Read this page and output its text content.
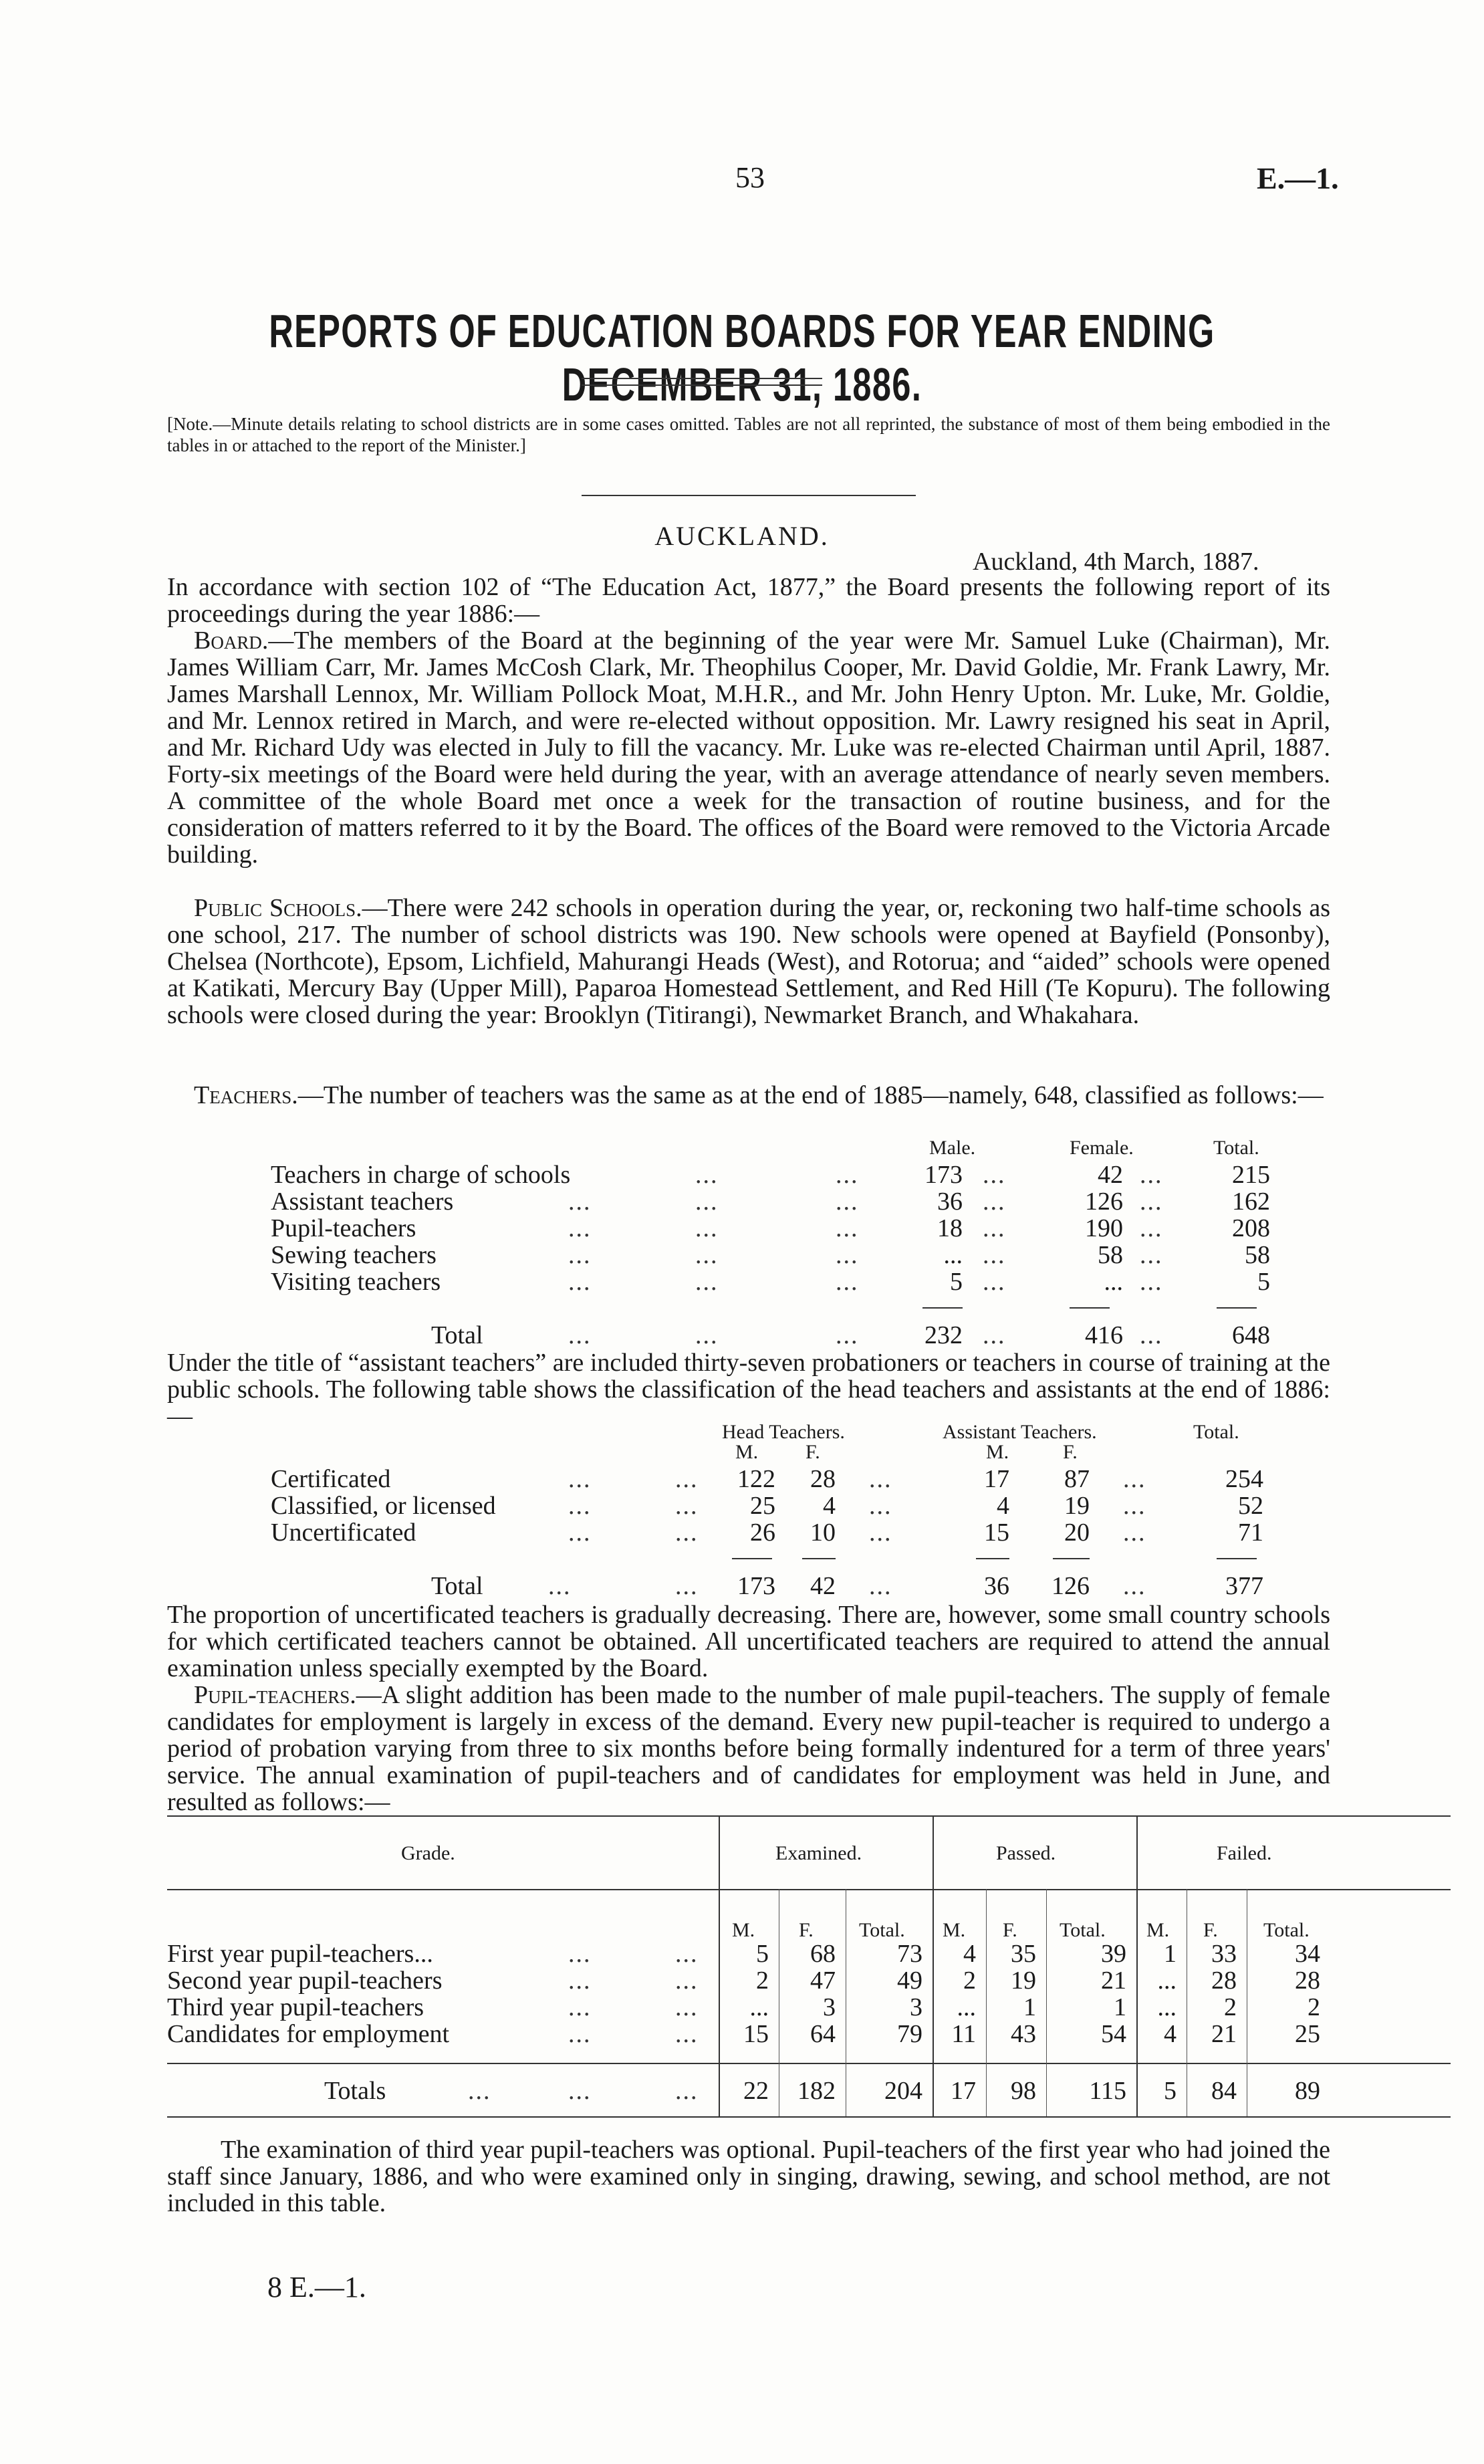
53	E.—1.
REPORTS OF EDUCATION BOARDS FOR YEAR ENDING DECEMBER 31, 1886.
[Note.—Minute details relating to school districts are in some cases omitted. Tables are not all reprinted, the substance of most of them being embodied in the tables in or attached to the report of the Minister.]
AUCKLAND.
Auckland, 4th March, 1887.

In accordance with section 102 of “The Education Act, 1877,” the Board presents the following report of its proceedings during the year 1886:—

Board.—The members of the Board at the beginning of the year were Mr. Samuel Luke (Chairman), Mr. James William Carr, Mr. James McCosh Clark, Mr. Theophilus Cooper, Mr. David Goldie, Mr. Frank Lawry, Mr. James Marshall Lennox, Mr. William Pollock Moat, M.H.R., and Mr. John Henry Upton. Mr. Luke, Mr. Goldie, and Mr. Lennox retired in March, and were re-elected without opposition. Mr. Lawry resigned his seat in April, and Mr. Richard Udy was elected in July to fill the vacancy. Mr. Luke was re-elected Chairman until April, 1887. Forty-six meetings of the Board were held during the year, with an average attendance of nearly seven members. A committee of the whole Board met once a week for the transaction of routine business, and for the consideration of matters referred to it by the Board. The offices of the Board were removed to the Victoria Arcade building.

Public Schools.—There were 242 schools in operation during the year, or, reckoning two half-time schools as one school, 217. The number of school districts was 190. New schools were opened at Bayfield (Ponsonby), Chelsea (Northcote), Epsom, Lichfield, Mahurangi Heads (West), and Rotorua; and “aided” schools were opened at Katikati, Mercury Bay (Upper Mill), Paparoa Homestead Settlement, and Red Hill (Te Kopuru). The following schools were closed during the year: Brooklyn (Titirangi), Newmarket Branch, and Whakahara.

Teachers.—The number of teachers was the same as at the end of 1885—namely, 648, classified as follows:—

Male.	Female.	Total.
Teachers in charge of schools	...	...	173 ...	42 ...	215
Assistant teachers	...	...	...	36 ...	126 ...	162
Pupil-teachers	...	...	...	18 ...	190 ...	208
Sewing teachers	...	...	...	... ...	58 ...	58
Visiting teachers	...	...	...	5 ...	... ...	5
Total	...	...	...	232 ...	416 ...	648

Under the title of “assistant teachers” are included thirty-seven probationers or teachers in course of training at the public schools. The following table shows the classification of the head teachers and assistants at the end of 1886:—

Head Teachers.	Assistant Teachers.	Total.
M. F.	M.	F.
Certificated	...	...	122	28 ...	17	87 ...	254
Classified, or licensed	...	...	25	4 ...	4	19 ...	52
Uncertificated	...	...	26	10 ...	15	20 ...	71
Total	...	...	173	42 ...	36	126 ...	377

The proportion of uncertificated teachers is gradually decreasing. There are, however, some small country schools for which certificated teachers cannot be obtained. All uncertificated teachers are required to attend the annual examination unless specially exempted by the Board.

Pupil-teachers.—A slight addition has been made to the number of male pupil-teachers. The supply of female candidates for employment is largely in excess of the demand. Every new pupil-teacher is required to undergo a period of probation varying from three to six months before being formally indentured for a term of three years' service. The annual examination of pupil-teachers and of candidates for employment was held in June, and resulted as follows:—

Grade.	Examined.	Passed.	Failed.
M. F. Total. M. F. Total. M. F. Total.
First year pupil-teachers...	...	...	5	68	73	4	35	39	1	33	34
Second year pupil-teachers	...	...	2	47	49	2	19	21	...	28	28
Third year pupil-teachers	...	...	...	3	3	...	1	1	...	2	2
Candidates for employment	...	...	15	64	79	11	43	54	4	21	25
Totals	...	...	...	22	182	204	17	98	115	5	84	89

The examination of third year pupil-teachers was optional. Pupil-teachers of the first year who had joined the staff since January, 1886, and who were examined only in singing, drawing, sewing, and school method, are not included in this table.

8 E.—1.
